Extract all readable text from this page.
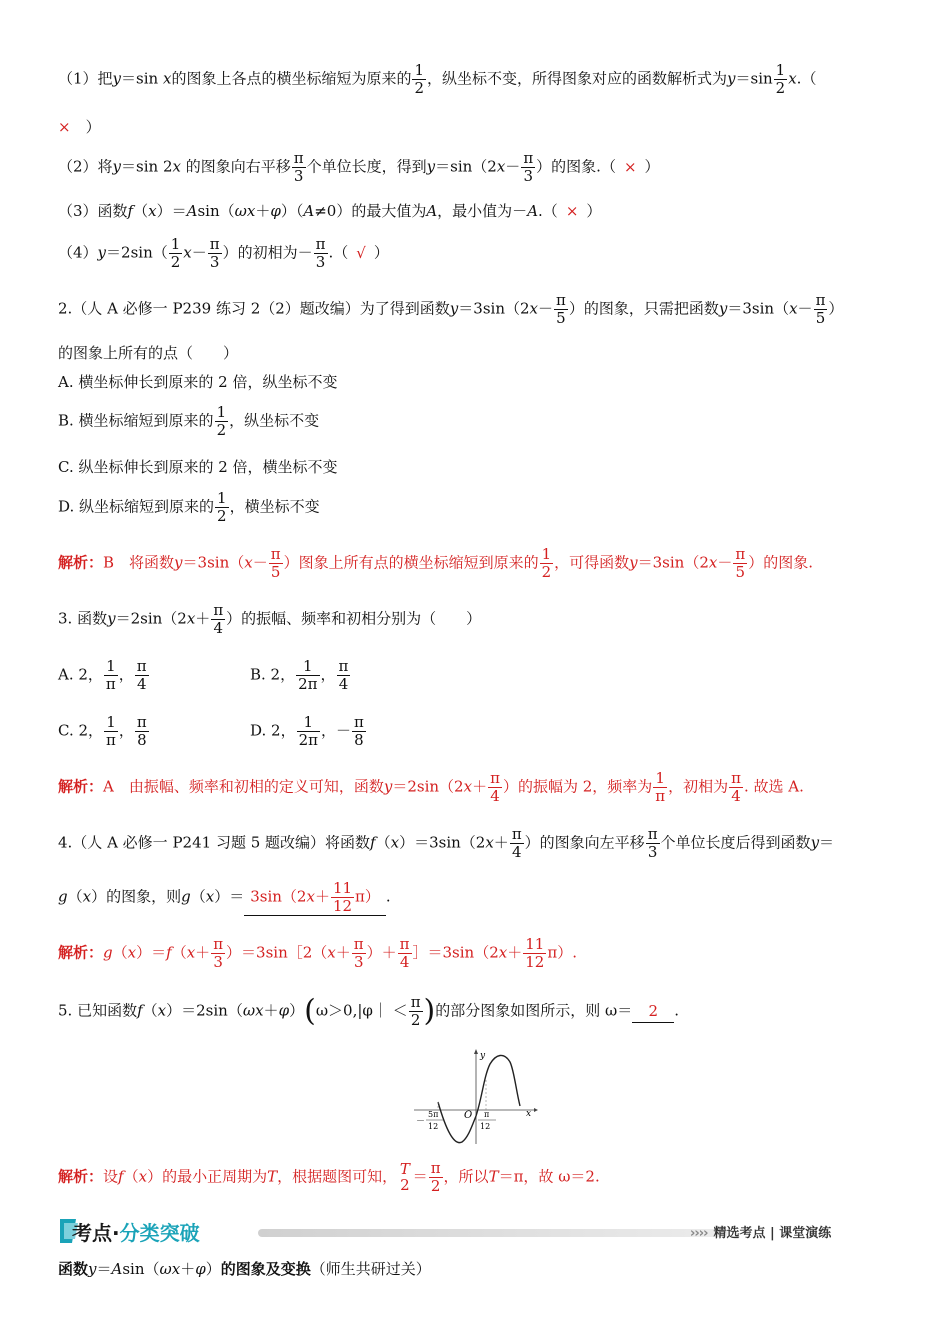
（1）把y＝sin x的图象上各点的横坐标缩短为原来的 $\frac{1}{2}$ ，纵坐标不变，所得图象对应的函数解析式为$y=\sin \frac{1}{2} x$.（
×　 ）
（2）将y＝sin 2x 的图象向右平移 $\frac{\pi}{3}$ 个单位长度，得到$y=\sin(2x- \frac{\pi}{3}$ ）的图象.（ × ）
（3）函数f（x）＝Asin（ωx＋φ）（A≠0）的最大值为A，最小值为－A.（ × ）
$(4)y=2\sin( \frac{1}{2} x- \frac{\pi}{3}$ ）的初相为－ $\frac{\pi}{3}$ .（ √ ）
2.（人 A 必修一 P239 练习 2（2）题改编）为了得到函数$y=3\sin(2x- \frac{\pi}{5}$ ）的图象，只需把函数$y=3\sin(x- \frac{\pi}{5}$ ）
的图象上所有的点（　　）
A. 横坐标伸长到原来的 2 倍，纵坐标不变
B. 横坐标缩短到原来的 $\frac{1}{2}$ ，纵坐标不变
C. 纵坐标伸长到原来的 2 倍，横坐标不变
D. 纵坐标缩短到原来的 $\frac{1}{2}$ ，横坐标不变
解析：B　将函数$y=3\sin(x- \frac{\pi}{5}$ ）图象上所有点的横坐标缩短到原来的 $\frac{1}{2}$ ，可得函数$y=3\sin(2x- \frac{\pi}{5}$ ）的图象.
3. 函数$y=2\sin(2x+ \frac{\pi}{4}$ ）的振幅、频率和初相分别为（　　）
A. 2， $\frac{1}{\pi}$ ， $\frac{\pi}{4}$	B. 2， $\frac{1}{2\pi}$ ， $\frac{\pi}{4}$
C. 2， $\frac{1}{\pi}$ ， $\frac{\pi}{8}$	D. 2， $\frac{1}{2\pi}$ ，－ $\frac{\pi}{8}$
解析：A　由振幅、频率和初相的定义可知，函数$y=2\sin(2x+ \frac{\pi}{4}$ ）的振幅为 2，频率为 $\frac{1}{\pi}$ ，初相为 $\frac{\pi}{4}$ . 故选 A.
4.（人 A 必修一 P241 习题 5 题改编）将函数$f(x)=3\sin(2x+ \frac{\pi}{4}$ ）的图象向左平移 $\frac{\pi}{3}$ 个单位长度后得到函数y＝
g（x）的图象，则$g(x)= 3\sin(2x+ \frac{11}{12} \pi)$ .
解析：$g(x)=f(x+ \frac{\pi}{3}$ ）＝3sin［2（x＋ $\frac{\pi}{3}$ ）＋ $\frac{\pi}{4}$ ］＝3sin（2x＋ $\frac{11}{12} \pi$）.
5. 已知函数f（x）＝2sin（ωx＋φ）(ω＞0,|φ｜ ＜ $\frac{\pi}{2}$ )的部分图象如图所示，则 ω＝ 2 .
y
x
O
－
5π
12
π
12
解析：设f（x）的最小正周期为T，根据题图可知， T
$2 = \frac{\pi}{2}$ ，所以T＝π，故 ω＝2.
考点·分类突破	›››› 精选考点 | 课堂演练
函数y＝Asin（ωx＋φ）的图象及变换（师生共研过关）
